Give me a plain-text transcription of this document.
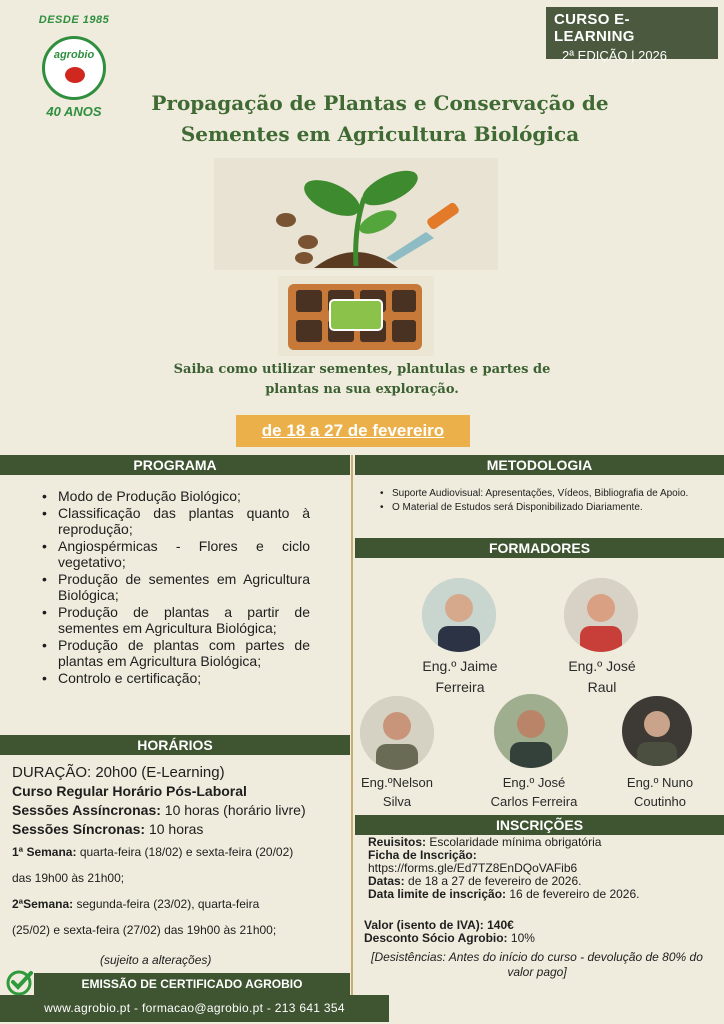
DESDE 1985
agrobio
40 ANOS
CURSO E-LEARNING
2ª EDIÇÃO | 2026
Propagação de Plantas e Conservação de
Sementes em Agricultura Biológica
Saiba como utilizar sementes, plantulas e partes de
plantas na sua exploração.
de 18 a 27 de fevereiro
PROGRAMA	METODOLOGIA
• Modo de Produção Biológico;
• Classificação das plantas quanto à reprodução;
• Angiospérmicas - Flores e ciclo vegetativo;
• Produção de sementes em Agricultura Biológica;
• Produção de plantas a partir de sementes em Agricultura Biológica;
• Produção de plantas com partes de plantas em Agricultura Biológica;
• Controlo e certificação;
• Suporte Audiovisual: Apresentações, Vídeos, Bibliografia de Apoio.
• O Material de Estudos será Disponibilizado Diariamente.
FORMADORES
Eng.º Jaime
Ferreira
Eng.º José
Raul
Eng.ºNelson
Silva
Eng.º José
Carlos Ferreira
Eng.º Nuno
Coutinho
HORÁRIOS
DURAÇÃO: 20h00 (E-Learning)
Curso Regular Horário Pós-Laboral
Sessões Assíncronas: 10 horas (horário livre)
Sessões Síncronas: 10 horas
1ª Semana: quarta-feira (18/02) e sexta-feira (20/02)
das 19h00 às 21h00;
2ªSemana: segunda-feira (23/02), quarta-feira
(25/02) e sexta-feira (27/02) das 19h00 às 21h00;
(sujeito a alterações)
INSCRIÇÕES
Reuisitos: Escolaridade mínima obrigatória
Ficha de Inscrição:
https://forms.gle/Ed7TZ8EnDQoVAFib6
Datas: de 18 a 27 de fevereiro de 2026.
Data limite de inscrição: 16 de fevereiro de 2026.
Valor (isento de IVA): 140€
Desconto Sócio Agrobio: 10%
[Desistências: Antes do início do curso - devolução de 80% do valor pago]
EMISSÃO DE CERTIFICADO AGROBIO
www.agrobio.pt - formacao@agrobio.pt - 213 641 354
